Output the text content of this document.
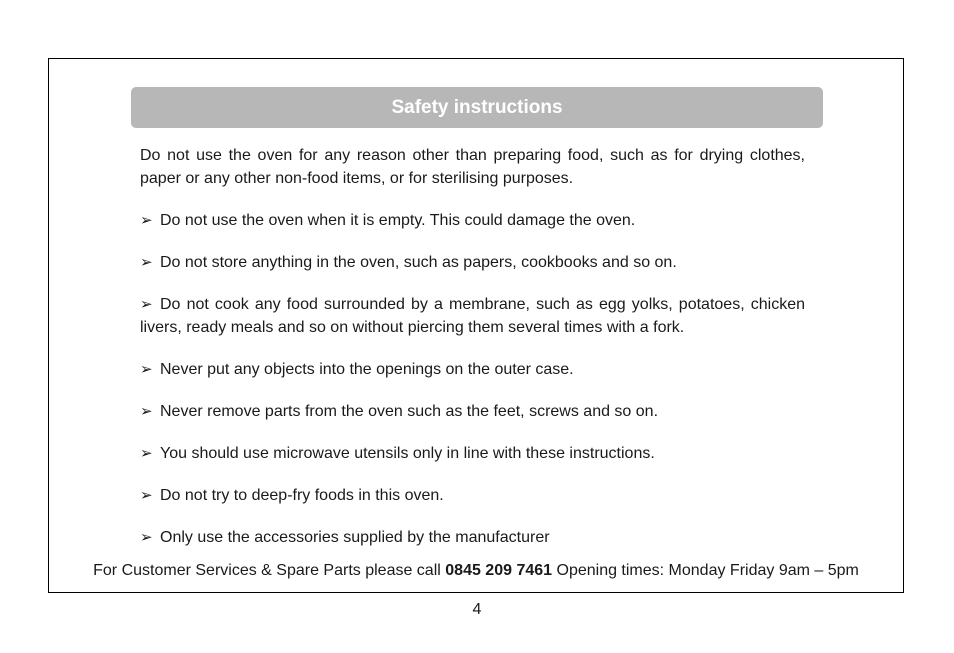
Safety instructions

Do not use the oven for any reason other than preparing food, such as for drying clothes, paper or any other non-food items, or for sterilising purposes.

➢ Do not use the oven when it is empty. This could damage the oven.

➢ Do not store anything in the oven, such as papers, cookbooks and so on.

➢ Do not cook any food surrounded by a membrane, such as egg yolks, potatoes, chicken livers, ready meals and so on without piercing them several times with a fork.

➢ Never put any objects into the openings on the outer case.

➢ Never remove parts from the oven such as the feet, screws and so on.

➢ You should use microwave utensils only in line with these instructions.

➢ Do not try to deep-fry foods in this oven.

➢ Only use the accessories supplied by the manufacturer

For Customer Services & Spare Parts please call 0845 209 7461 Opening times: Monday Friday 9am – 5pm
4
